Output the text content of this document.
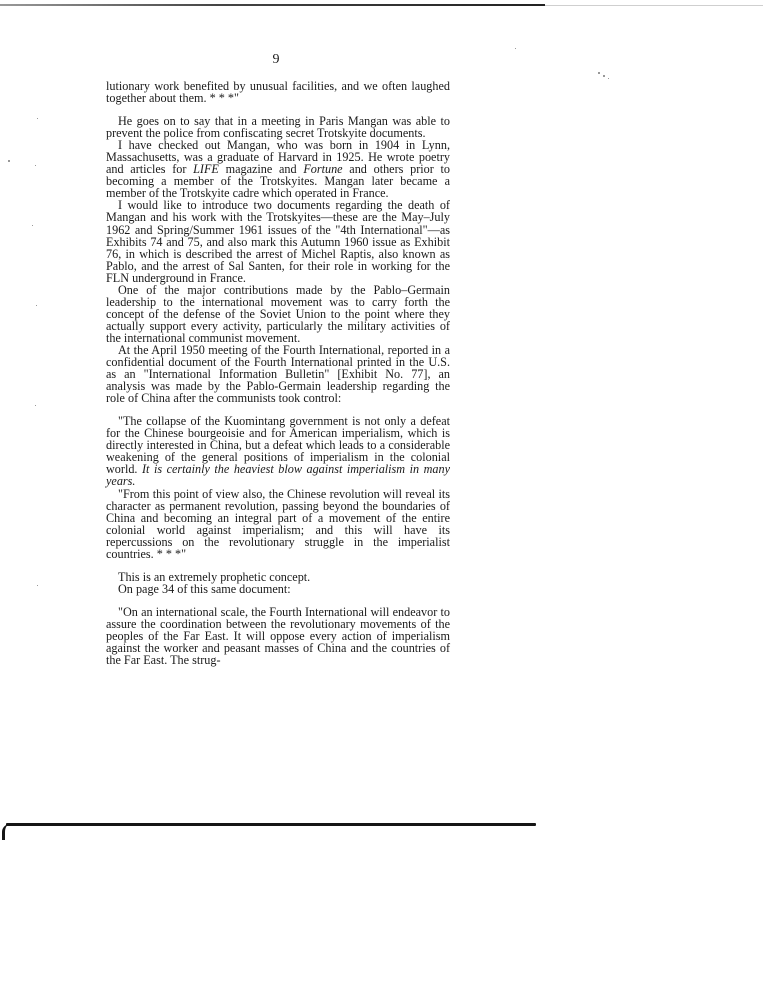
9

lutionary work benefited by unusual facilities, and we often laughed together about them. * * *"

He goes on to say that in a meeting in Paris Mangan was able to prevent the police from confiscating secret Trotskyite documents.

I have checked out Mangan, who was born in 1904 in Lynn, Massachusetts, was a graduate of Harvard in 1925. He wrote poetry and articles for LIFE magazine and Fortune and others prior to becoming a member of the Trotskyites. Mangan later became a member of the Trotskyite cadre which operated in France.

I would like to introduce two documents regarding the death of Mangan and his work with the Trotskyites—these are the May–July 1962 and Spring/Summer 1961 issues of the "4th International"—as Exhibits 74 and 75, and also mark this Autumn 1960 issue as Exhibit 76, in which is described the arrest of Michel Raptis, also known as Pablo, and the arrest of Sal Santen, for their role in working for the FLN underground in France.

One of the major contributions made by the Pablo–Germain leadership to the international movement was to carry forth the concept of the defense of the Soviet Union to the point where they actually support every activity, particularly the military activities of the international communist movement.

At the April 1950 meeting of the Fourth International, reported in a confidential document of the Fourth International printed in the U.S. as an "International Information Bulletin" [Exhibit No. 77], an analysis was made by the Pablo-Germain leadership regarding the role of China after the communists took control:

"The collapse of the Kuomintang government is not only a defeat for the Chinese bourgeoisie and for American imperialism, which is directly interested in China, but a defeat which leads to a considerable weakening of the general positions of imperialism in the colonial world. It is certainly the heaviest blow against imperialism in many years.

"From this point of view also, the Chinese revolution will reveal its character as permanent revolution, passing beyond the boundaries of China and becoming an integral part of a movement of the entire colonial world against imperialism; and this will have its repercussions on the revolutionary struggle in the imperialist countries. * * *"

This is an extremely prophetic concept.

On page 34 of this same document:

"On an international scale, the Fourth International will endeavor to assure the coordination between the revolutionary movements of the peoples of the Far East. It will oppose every action of imperialism against the worker and peasant masses of China and the countries of the Far East. The strug-
